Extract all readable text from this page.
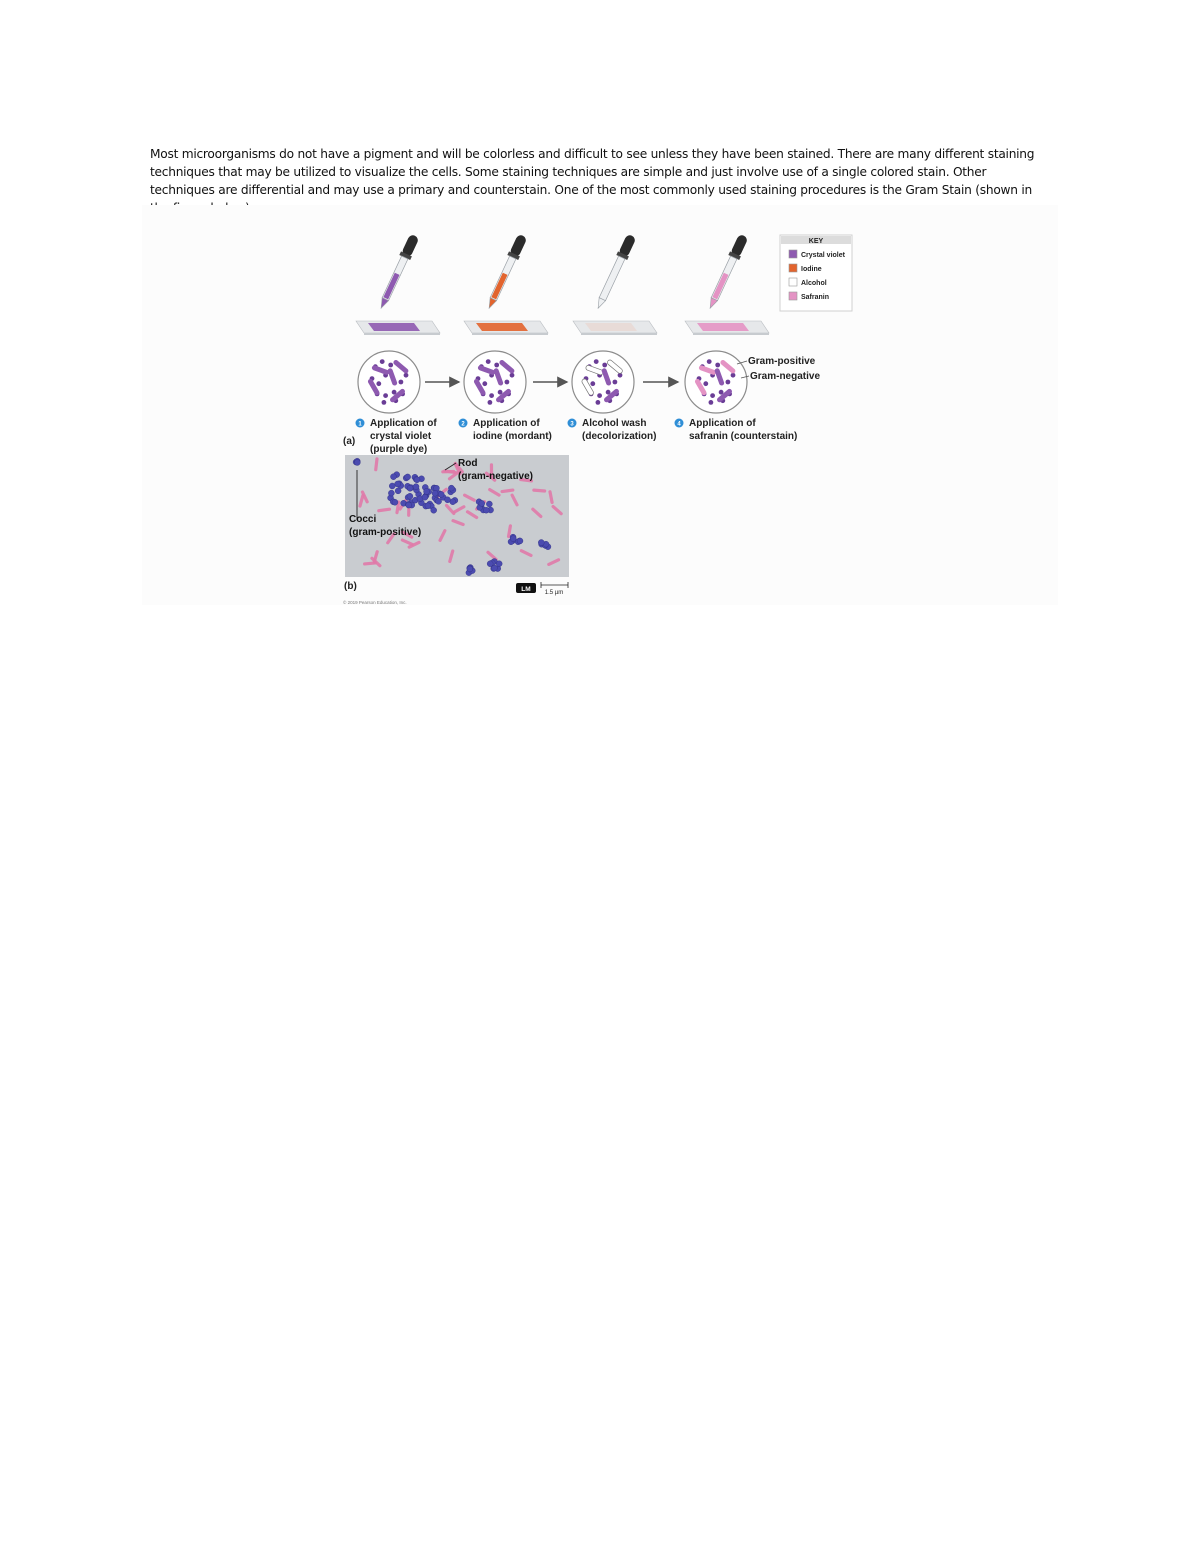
Most microorganisms do not have a pigment and will be colorless and difficult to see unless they have been stained. There are many different staining techniques that may be utilized to visualize the cells. Some staining techniques are simple and just involve use of a single colored stain. Other techniques are differential and may use a primary and counterstain. One of the most commonly used staining procedures is the Gram Stain (shown in

KEY
Crystal violet
Iodine
Alcohol
Safranin
Gram-positive
Gram-negative
1 Application of
crystal violet
(purple dye)
2 Application of
iodine (mordant)
3 Alcohol wash
(decolorization)
4 Application of
safranin (counterstain)
(a)
Rod
(gram-negative)
Cocci
(gram-positive)
(b)	LM 1.5 µm
© 2019 Pearson Education, Inc.
